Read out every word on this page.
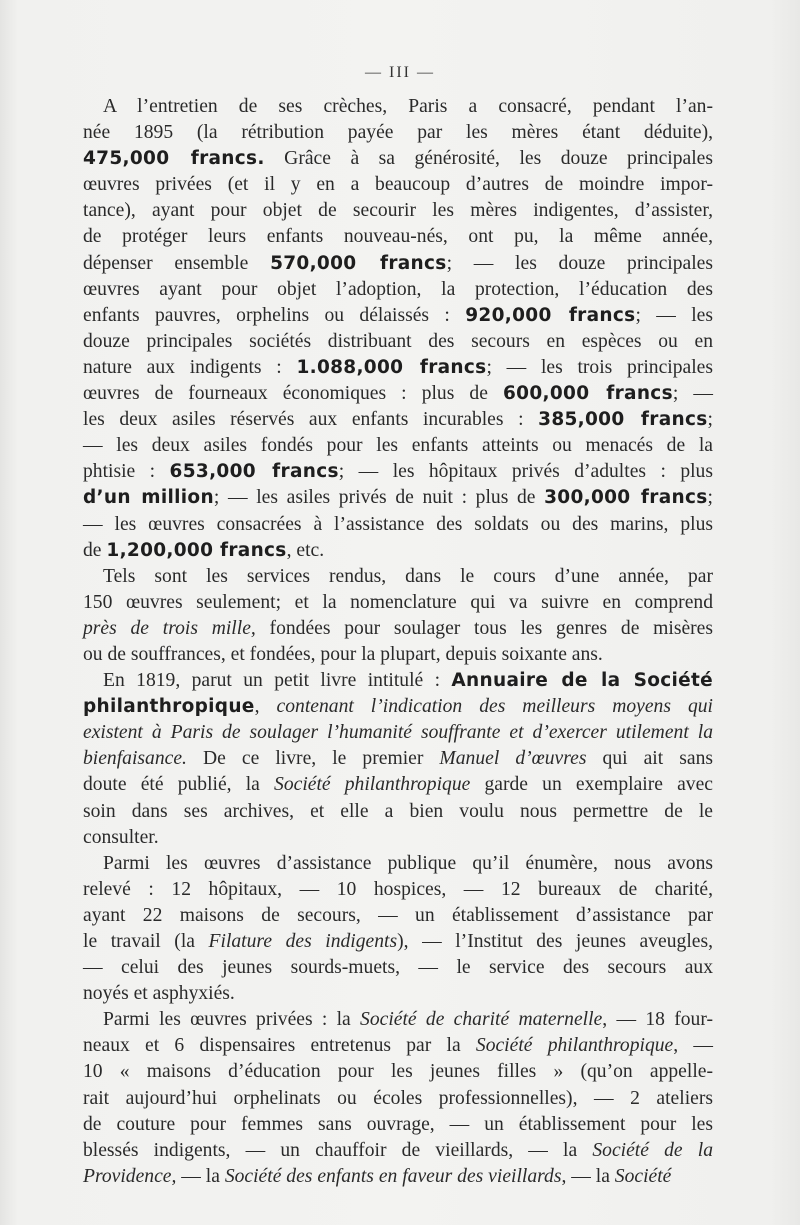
— III —
A l’entretien de ses crèches, Paris a consacré, pendant l’an-
née 1895 (la rétribution payée par les mères étant déduite),
475,000 francs. Grâce à sa générosité, les douze principales
œuvres privées (et il y en a beaucoup d’autres de moindre impor-
tance), ayant pour objet de secourir les mères indigentes, d’assister,
de protéger leurs enfants nouveau-nés, ont pu, la même année,
dépenser ensemble 570,000 francs; — les douze principales
œuvres ayant pour objet l’adoption, la protection, l’éducation des
enfants pauvres, orphelins ou délaissés : 920,000 francs; — les
douze principales sociétés distribuant des secours en espèces ou en
nature aux indigents : 1.088,000 francs; — les trois principales
œuvres de fourneaux économiques : plus de 600,000 francs; —
les deux asiles réservés aux enfants incurables : 385,000 francs;
— les deux asiles fondés pour les enfants atteints ou menacés de la
phtisie : 653,000 francs; — les hôpitaux privés d’adultes : plus
d’un million; — les asiles privés de nuit : plus de 300,000 francs;
— les œuvres consacrées à l’assistance des soldats ou des marins, plus
de 1,200,000 francs, etc.
Tels sont les services rendus, dans le cours d’une année, par
150 œuvres seulement; et la nomenclature qui va suivre en comprend
près de trois mille, fondées pour soulager tous les genres de misères
ou de souffrances, et fondées, pour la plupart, depuis soixante ans.
En 1819, parut un petit livre intitulé : Annuaire de la Société
philanthropique, contenant l’indication des meilleurs moyens qui
existent à Paris de soulager l’humanité souffrante et d’exercer utilement la
bienfaisance. De ce livre, le premier Manuel d’œuvres qui ait sans
doute été publié, la Société philanthropique garde un exemplaire avec
soin dans ses archives, et elle a bien voulu nous permettre de le
consulter.
Parmi les œuvres d’assistance publique qu’il énumère, nous avons
relevé : 12 hôpitaux, — 10 hospices, — 12 bureaux de charité,
ayant 22 maisons de secours, — un établissement d’assistance par
le travail (la Filature des indigents), — l’Institut des jeunes aveugles,
— celui des jeunes sourds-muets, — le service des secours aux
noyés et asphyxiés.
Parmi les œuvres privées : la Société de charité maternelle, — 18 four-
neaux et 6 dispensaires entretenus par la Société philanthropique, —
10 « maisons d’éducation pour les jeunes filles » (qu’on appelle-
rait aujourd’hui orphelinats ou écoles professionnelles), — 2 ateliers
de couture pour femmes sans ouvrage, — un établissement pour les
blessés indigents, — un chauffoir de vieillards, — la Société de la
Providence, — la Société des enfants en faveur des vieillards, — la Société
